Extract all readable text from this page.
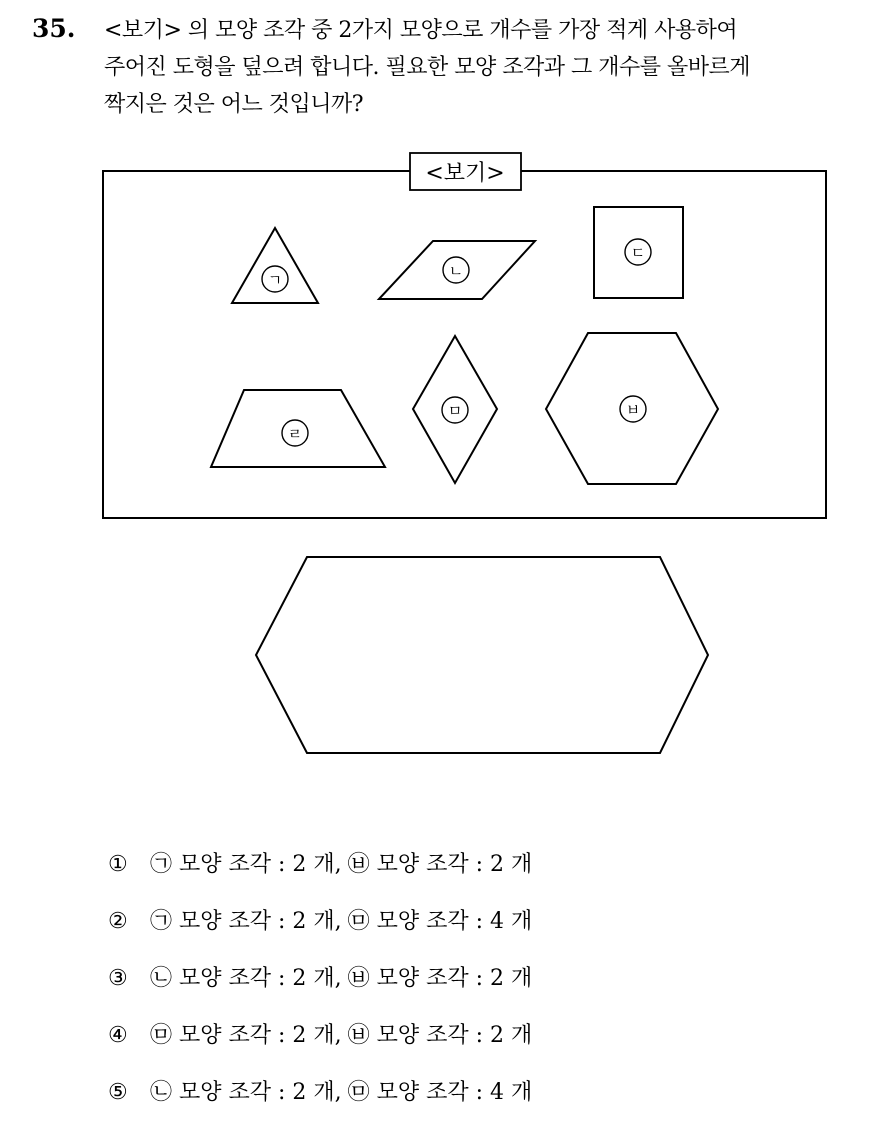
35. <보기> 의 모양 조각 중 2가지 모양으로 개수를 가장 적게 사용하여
주어진 도형을 덮으려 합니다. 필요한 모양 조각과 그 개수를 올바르게
짝지은 것은 어느 것입니까?
<보기>
ㄱ	ㄴ
ㄷ
ㄹ
ㅁ	ㅂ
①	㉠ 모양 조각 : 2 개, ㉥ 모양 조각 : 2 개
②	㉠ 모양 조각 : 2 개, ㉤ 모양 조각 : 4 개
③	㉡ 모양 조각 : 2 개, ㉥ 모양 조각 : 2 개
④	㉤ 모양 조각 : 2 개, ㉥ 모양 조각 : 2 개
⑤	㉡ 모양 조각 : 2 개, ㉤ 모양 조각 : 4 개
